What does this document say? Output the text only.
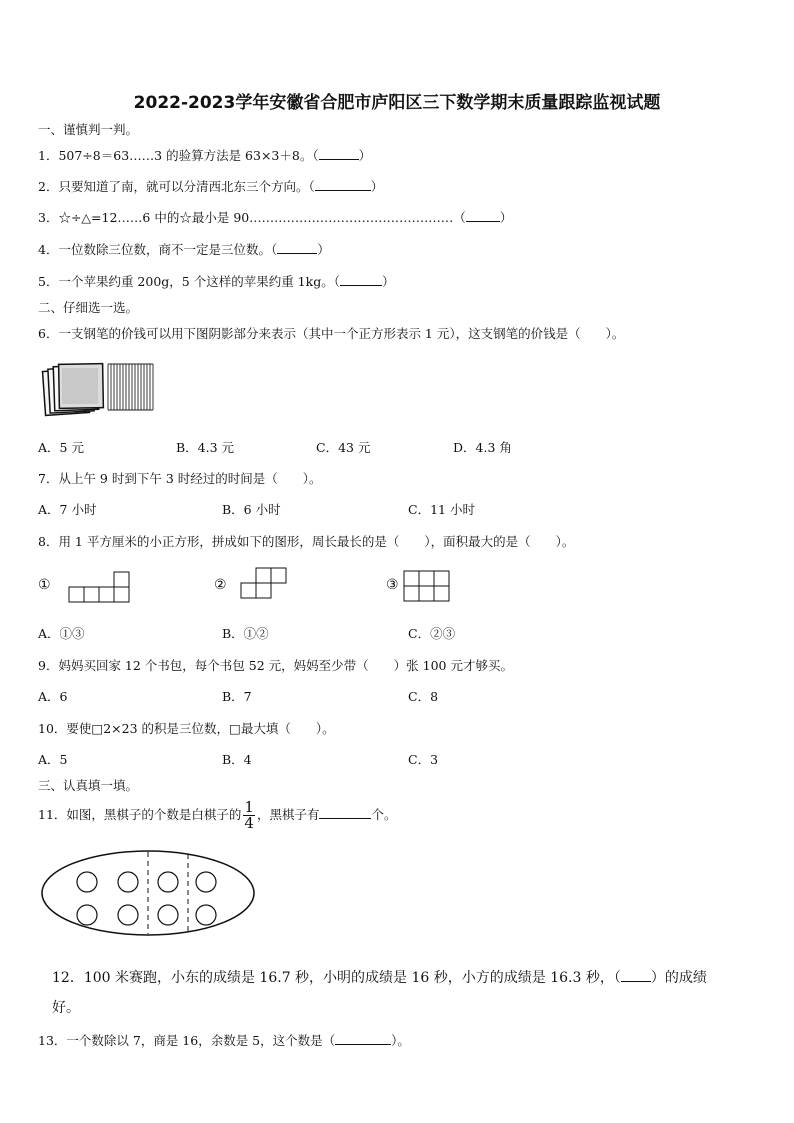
2022-2023学年安徽省合肥市庐阳区三下数学期末质量跟踪监视试题
一、谨慎判一判。
1．507÷8＝63……3 的验算方法是 63×3＋8。（	）
2．只要知道了南，就可以分清西北东三个方向。（	）
3．☆÷△=12……6 中的☆最小是 90.…………………………………………（	）
4．一位数除三位数，商不一定是三位数。（	）
5．一个苹果约重 200g，5 个这样的苹果约重 1kg。（	）
二、仔细选一选。
6．一支钢笔的价钱可以用下图阴影部分来表示（其中一个正方形表示 1 元），这支钢笔的价钱是（　　）。
A．5 元	B．4.3 元	C．43 元	D．4.3 角
7．从上午 9 时到下午 3 时经过的时间是（　　）。
A．7 小时	B．6 小时	C．11 小时
8．用 1 平方厘米的小正方形，拼成如下的图形，周长最长的是（　　），面积最大的是（　　）。
①	②	③
A．①③	B．①②	C．②③
9．妈妈买回家 12 个书包，每个书包 52 元，妈妈至少带（　　）张 100 元才够买。
A．6	B．7	C．8
10．要使□2×23 的积是三位数，□最大填（　　）。
A．5	B．4	C．3
三、认真填一填。
11．如图，黑棋子的个数是白棋子的 $\frac{1}{4}$ ，黑棋子有	个。
12．100 米赛跑，小东的成绩是 16.7 秒，小明的成绩是 16 秒，小方的成绩是 16.3 秒，（ ）的成绩
好。
13．一个数除以 7，商是 16，余数是 5，这个数是（	）。
